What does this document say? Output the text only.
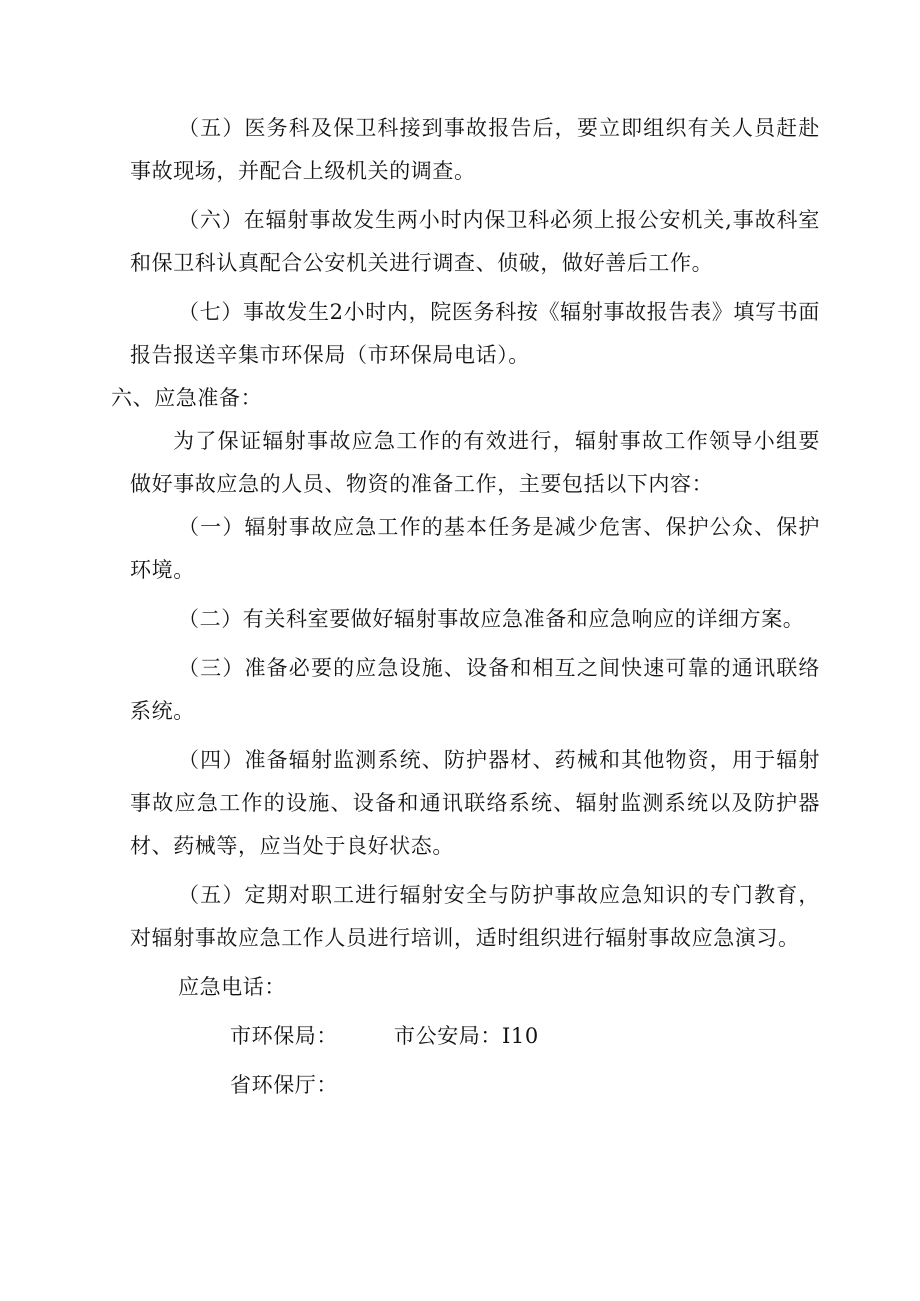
（五）医务科及保卫科接到事故报告后，要立即组织有关人员赶赴事故现场，并配合上级机关的调查。

（六）在辐射事故发生两小时内保卫科必须上报公安机关,事故科室和保卫科认真配合公安机关进行调查、侦破，做好善后工作。

（七）事故发生2小时内，院医务科按《辐射事故报告表》填写书面报告报送辛集市环保局（市环保局电话）。

六、应急准备：

为了保证辐射事故应急工作的有效进行，辐射事故工作领导小组要做好事故应急的人员、物资的准备工作，主要包括以下内容：

（一）辐射事故应急工作的基本任务是减少危害、保护公众、保护环境。

（二）有关科室要做好辐射事故应急准备和应急响应的详细方案。

（三）准备必要的应急设施、设备和相互之间快速可靠的通讯联络系统。

（四）准备辐射监测系统、防护器材、药械和其他物资，用于辐射事故应急工作的设施、设备和通讯联络系统、辐射监测系统以及防护器材、药械等，应当处于良好状态。

（五）定期对职工进行辐射安全与防护事故应急知识的专门教育，对辐射事故应急工作人员进行培训，适时组织进行辐射事故应急演习。

应急电话：

市环保局：	市公安局：I10
省环保厅：
